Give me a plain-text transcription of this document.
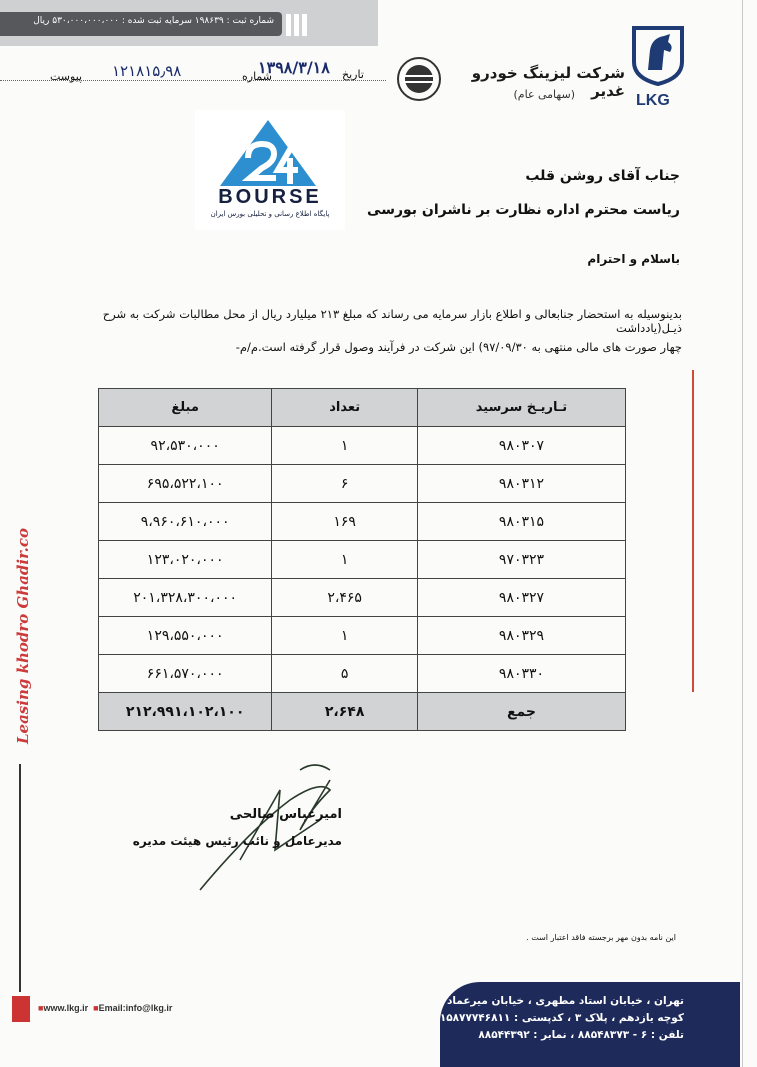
شماره ثبت : ۱۹۸۶۳۹ سرمایه ثبت شده : ۵۳۰،۰۰۰،۰۰۰،۰۰۰ ریال
LKG
شرکت لیزینگ خودرو غدیر
(سهامی عام)
تاریخ
۱۳۹۸/۳/۱۸
شماره
۱۲۱۸۱۵٫۹۸
پیوست
BOURSE
پایگاه اطلاع رسانی و تحلیلی بورس ایران
جناب آقای روشن قلب
ریاست محترم اداره نظارت بر ناشران بورسی
باسلام و احترام
بدینوسیله به استحضار جنابعالی و اطلاع بازار سرمایه می رساند که مبلغ ۲۱۳ میلیارد ریال از محل مطالبات شرکت به شرح ذیـل(یادداشت
چهار صورت های مالی منتهی به ۹۷/۰۹/۳۰) این شرکت در فرآیند وصول قرار گرفته است.م/م-
مبلغ	تعداد	تـاریـخ سرسید
۹۲،۵۳۰،۰۰۰	۱	۹۸۰۳۰۷
۶۹۵،۵۲۲،۱۰۰	۶	۹۸۰۳۱۲
۹،۹۶۰،۶۱۰،۰۰۰	۱۶۹	۹۸۰۳۱۵
۱۲۳،۰۲۰،۰۰۰	۱	۹۷۰۳۲۳
۲۰۱،۳۲۸،۳۰۰،۰۰۰	۲،۴۶۵	۹۸۰۳۲۷
۱۲۹،۵۵۰،۰۰۰	۱	۹۸۰۳۲۹
۶۶۱،۵۷۰،۰۰۰	۵	۹۸۰۳۳۰
۲۱۲،۹۹۱،۱۰۲،۱۰۰	۲،۶۴۸	جمع
امیرعباس صالحی
مدیرعامل و نائب رئیس هیئت مدیره
این نامه بدون مهر برجسته فاقد اعتبار است .
Leasing khodro Ghadir.co
تهران ، خیابان استاد مطهری ، خیابان میرعماد
کوچه یازدهم ، پلاک ۳ ، کدپستی : ۱۵۸۷۷۷۴۶۸۱۱
تلفن : ۶ - ۸۸۵۴۸۳۷۳ ، نمابر : ۸۸۵۴۴۳۹۲
■www.lkg.ir ■Email:info@lkg.ir
